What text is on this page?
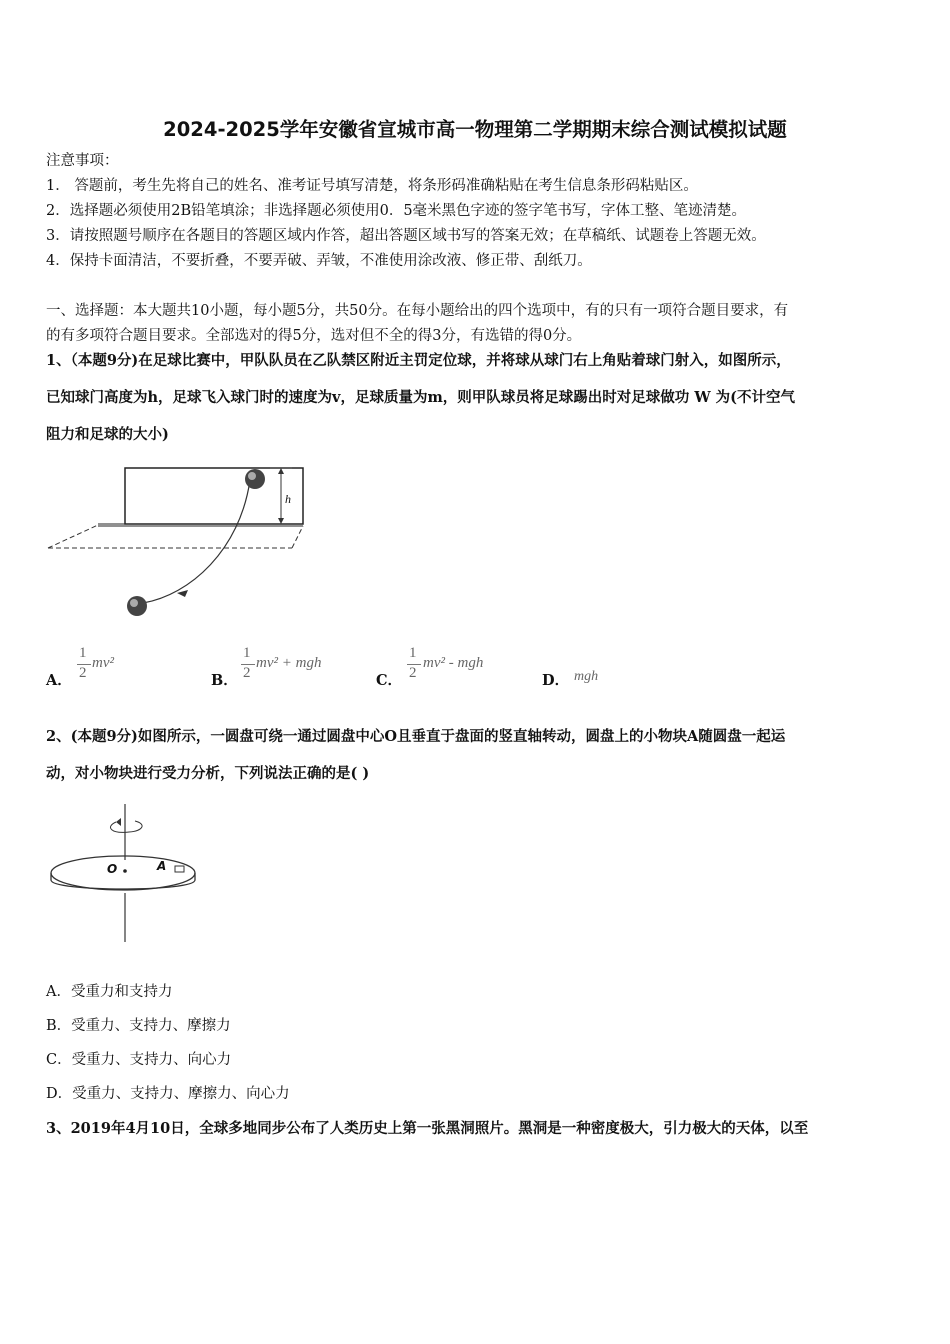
2024-2025学年安徽省宣城市高一物理第二学期期末综合测试模拟试题
注意事项：
1． 答题前，考生先将自己的姓名、准考证号填写清楚，将条形码准确粘贴在考生信息条形码粘贴区。
2．选择题必须使用2B铅笔填涂；非选择题必须使用0．5毫米黑色字迹的签字笔书写，字体工整、笔迹清楚。
3．请按照题号顺序在各题目的答题区域内作答，超出答题区域书写的答案无效；在草稿纸、试题卷上答题无效。
4．保持卡面清洁，不要折叠，不要弄破、弄皱，不准使用涂改液、修正带、刮纸刀。
一、选择题：本大题共10小题，每小题5分，共50分。在每小题给出的四个选项中，有的只有一项符合题目要求，有
的有多项符合题目要求。全部选对的得5分，选对但不全的得3分，有选错的得0分。
1、（本题9分)在足球比赛中，甲队队员在乙队禁区附近主罚定位球，并将球从球门右上角贴着球门射入，如图所示，
已知球门高度为h，足球飞入球门时的速度为v，足球质量为m，则甲队球员将足球踢出时对足球做功 W 为(不计空气
阻力和足球的大小)
h
A．
1
2
mv²
B．
1
2
mv² + mgh
C．
1
2
mv² - mgh
D． mgh
2、(本题9分)如图所示，一圆盘可绕一通过圆盘中心O且垂直于盘面的竖直轴转动，圆盘上的小物块A随圆盘一起运
动，对小物块进行受力分析，下列说法正确的是( )
O	A
A．受重力和支持力
B．受重力、支持力、摩擦力
C．受重力、支持力、向心力
D．受重力、支持力、摩擦力、向心力
3、2019年4月10日，全球多地同步公布了人类历史上第一张黑洞照片。黑洞是一种密度极大，引力极大的天体，以至
